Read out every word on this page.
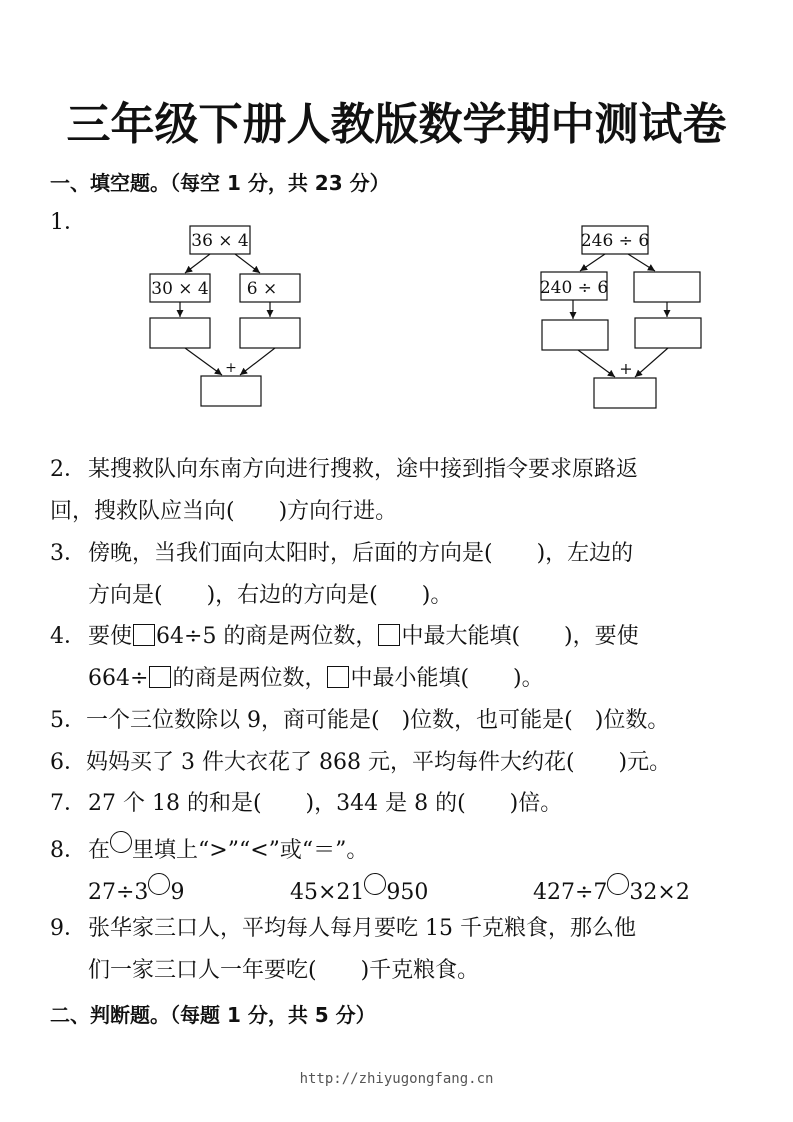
三年级下册人教版数学期中测试卷
一、填空题。（每空 1 分，共 23 分）
1．
36 × 4
30 × 4 6 ×
+
246 ÷ 6
240 ÷ 6
+
2．某搜救队向东南方向进行搜救，途中接到指令要求原路返
回，搜救队应当向(　　)方向行进。
3．傍晚，当我们面向太阳时，后面的方向是(　　)，左边的
方向是(　　)，右边的方向是(　　)。
4．要使 64÷5 的商是两位数， 中最大能填(　　)，要使
664÷ 的商是两位数， 中最小能填(　　)。
5．一个三位数除以 9，商可能是(　)位数，也可能是(　)位数。
6．妈妈买了 3 件大衣花了 868 元，平均每件大约花(　　)元。
7．27 个 18 的和是(　　)，344 是 8 的(　　)倍。
8．在 里填上“>”“<”或“＝”。
27÷3 9	45×21 950	427÷7 32×2
9．张华家三口人，平均每人每月要吃 15 千克粮食，那么他
们一家三口人一年要吃(　　)千克粮食。
二、判断题。（每题 1 分，共 5 分）
http://zhiyugongfang.cn
